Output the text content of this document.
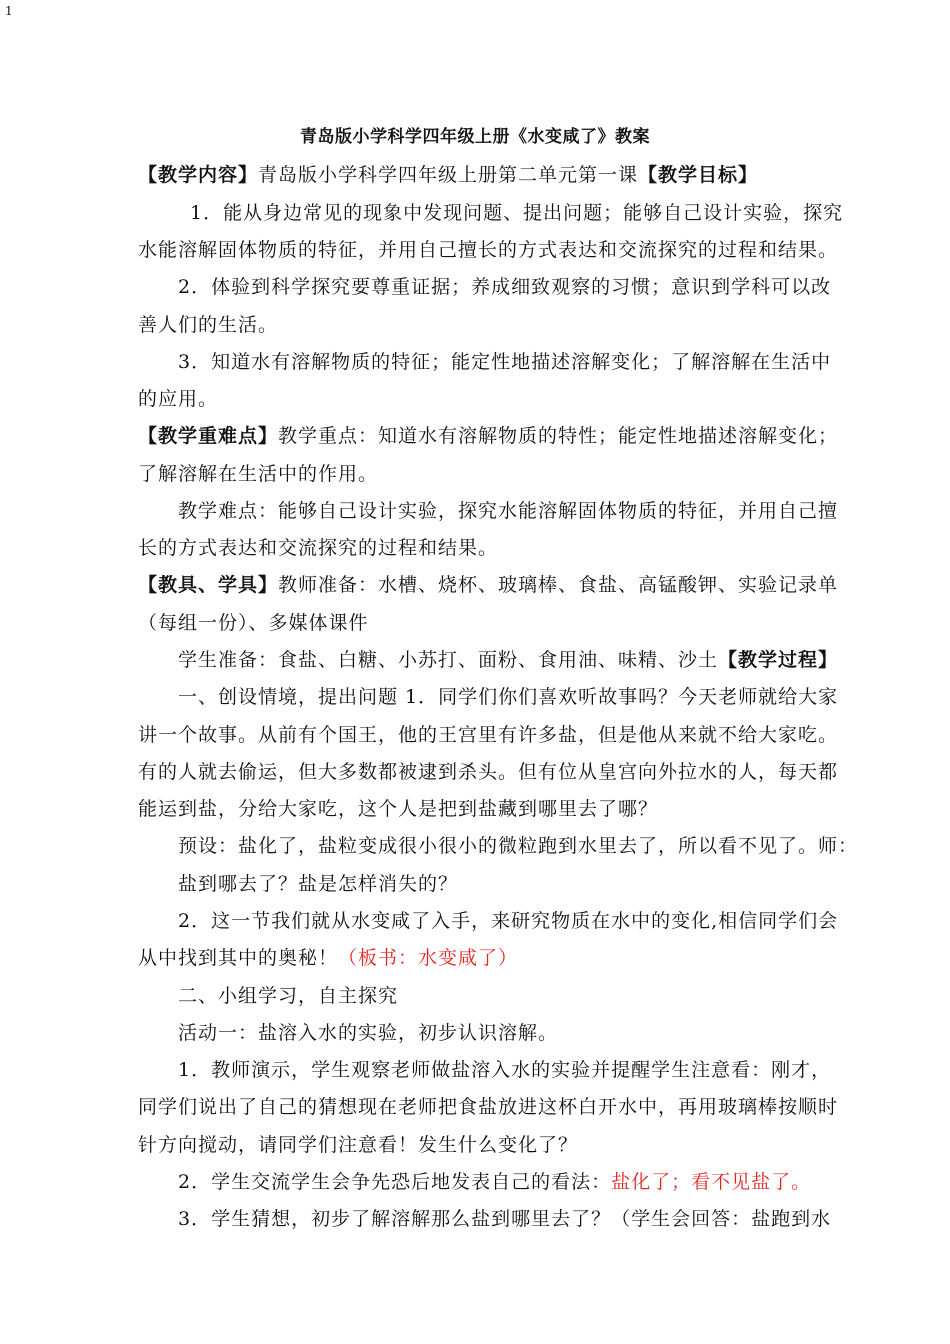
1
青岛版小学科学四年级上册《水变咸了》教案
【教学内容】青岛版小学科学四年级上册第二单元第一课【教学目标】
1．能从身边常见的现象中发现问题、提出问题；能够自己设计实验，探究
水能溶解固体物质的特征，并用自己擅长的方式表达和交流探究的过程和结果。
2．体验到科学探究要尊重证据；养成细致观察的习惯；意识到学科可以改
善人们的生活。
3．知道水有溶解物质的特征；能定性地描述溶解变化；了解溶解在生活中
的应用。
【教学重难点】教学重点：知道水有溶解物质的特性；能定性地描述溶解变化；
了解溶解在生活中的作用。
教学难点：能够自己设计实验，探究水能溶解固体物质的特征，并用自己擅
长的方式表达和交流探究的过程和结果。
【教具、学具】教师准备：水槽、烧杯、玻璃棒、食盐、高锰酸钾、实验记录单
（每组一份）、多媒体课件
学生准备：食盐、白糖、小苏打、面粉、食用油、味精、沙土【教学过程】
一、创设情境，提出问题 1．同学们你们喜欢听故事吗？今天老师就给大家
讲一个故事。从前有个国王，他的王宫里有许多盐，但是他从来就不给大家吃。
有的人就去偷运，但大多数都被逮到杀头。但有位从皇宫向外拉水的人，每天都
能运到盐，分给大家吃，这个人是把到盐藏到哪里去了哪？
预设：盐化了，盐粒变成很小很小的微粒跑到水里去了，所以看不见了。师：
盐到哪去了？盐是怎样消失的？
2．这一节我们就从水变咸了入手，来研究物质在水中的变化,相信同学们会
从中找到其中的奥秘！（板书：水变咸了）
二、小组学习，自主探究
活动一：盐溶入水的实验，初步认识溶解。
1．教师演示，学生观察老师做盐溶入水的实验并提醒学生注意看：刚才，
同学们说出了自己的猜想现在老师把食盐放进这杯白开水中，再用玻璃棒按顺时
针方向搅动，请同学们注意看！发生什么变化了？
2．学生交流学生会争先恐后地发表自己的看法：盐化了；看不见盐了。
3．学生猜想，初步了解溶解那么盐到哪里去了？（学生会回答：盐跑到水
